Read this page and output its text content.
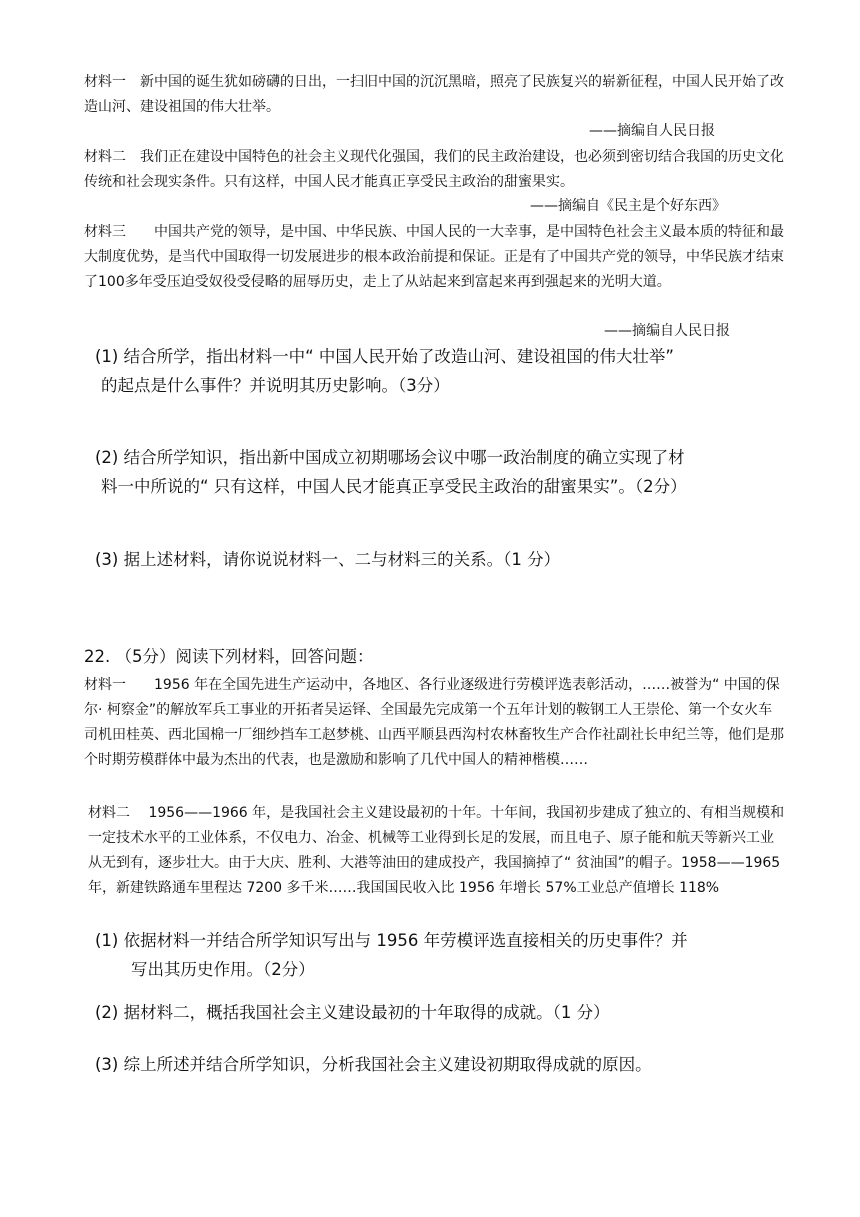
材料一　新中国的诞生犹如磅礴的日出，一扫旧中国的沉沉黑暗，照亮了民族复兴的崭新征程，中国人民开始了改造山河、建设祖国的伟大壮举。
——摘编自人民日报
材料二　我们正在建设中国特色的社会主义现代化强国，我们的民主政治建设，也必须到密切结合我国的历史文化传统和社会现实条件。只有这样，中国人民才能真正享受民主政治的甜蜜果实。
——摘编自《民主是个好东西》
材料三　　中国共产党的领导，是中国、中华民族、中国人民的一大幸事，是中国特色社会主义最本质的特征和最大制度优势，是当代中国取得一切发展进步的根本政治前提和保证。正是有了中国共产党的领导，中华民族才结束了100多年受压迫受奴役受侵略的屈辱历史，走上了从站起来到富起来再到强起来的光明大道。
——摘编自人民日报
(1) 结合所学，指出材料一中“ 中国人民开始了改造山河、建设祖国的伟大壮举”
的起点是什么事件？并说明其历史影响。（3分）
(2) 结合所学知识，指出新中国成立初期哪场会议中哪一政治制度的确立实现了材
料一中所说的“ 只有这样，中国人民才能真正享受民主政治的甜蜜果实”。（2分）
(3) 据上述材料，请你说说材料一、二与材料三的关系。（1 分）
22. （5分）阅读下列材料，回答问题：
材料一　　1956 年在全国先进生产运动中，各地区、各行业逐级进行劳模评选表彰活动，……被誉为“ 中国的保尔· 柯察金”的解放军兵工事业的开拓者吴运铎、全国最先完成第一个五年计划的鞍钢工人王崇伦、第一个女火车司机田桂英、西北国棉一厂细纱挡车工赵梦桃、山西平顺县西沟村农林畜牧生产合作社副社长申纪兰等，他们是那个时期劳模群体中最为杰出的代表，也是激励和影响了几代中国人的精神楷模……
材料二　 1956——1966 年，是我国社会主义建设最初的十年。十年间，我国初步建成了独立的、有相当规模和一定技术水平的工业体系，不仅电力、冶金、机械等工业得到长足的发展，而且电子、原子能和航天等新兴工业　从无到有，逐步壮大。由于大庆、胜利、大港等油田的建成投产，我国摘掉了“ 贫油国”的帽子。1958——1965 年，新建铁路通车里程达 7200 多千米……我国国民收入比 1956 年增长 57%工业总产值增长 118%
(1) 依据材料一并结合所学知识写出与 1956 年劳模评选直接相关的历史事件？并
写出其历史作用。（2分）
(2) 据材料二，概括我国社会主义建设最初的十年取得的成就。（1 分）
(3) 综上所述并结合所学知识，分析我国社会主义建设初期取得成就的原因。
